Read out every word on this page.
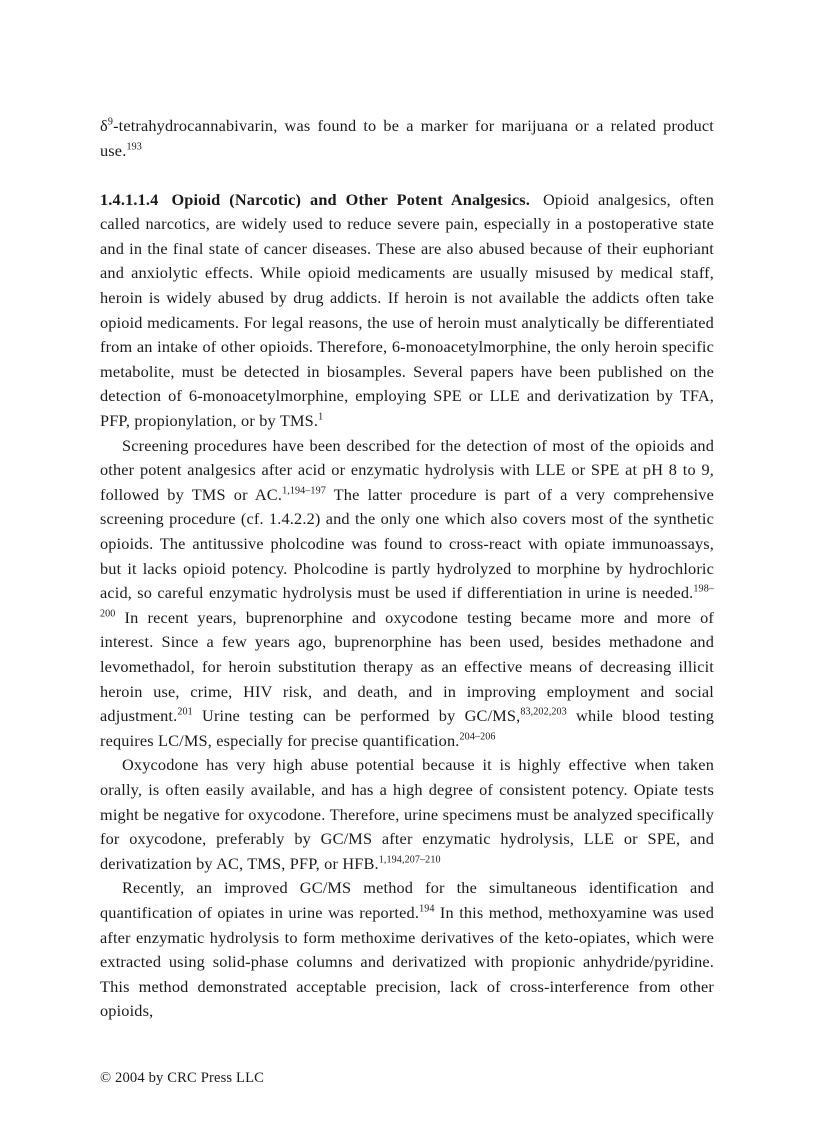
$\delta^9$-tetrahydrocannabivarin, was found to be a marker for marijuana or a related product use.$^{193}$

1.4.1.1.4 Opioid (Narcotic) and Other Potent Analgesics. Opioid analgesics, often called narcotics, are widely used to reduce severe pain, especially in a postoperative state and in the final state of cancer diseases. These are also abused because of their euphoriant and anxiolytic effects. While opioid medicaments are usually misused by medical staff, heroin is widely abused by drug addicts. If heroin is not available the addicts often take opioid medicaments. For legal reasons, the use of heroin must analytically be differentiated from an intake of other opioids. Therefore, 6-monoacetylmorphine, the only heroin specific metabolite, must be detected in biosamples. Several papers have been published on the detection of 6-monoacetylmorphine, employing SPE or LLE and derivatization by TFA, PFP, propionylation, or by TMS.$^1$

Screening procedures have been described for the detection of most of the opioids and other potent analgesics after acid or enzymatic hydrolysis with LLE or SPE at pH 8 to 9, followed by TMS or AC.$^{1,194-197}$ The latter procedure is part of a very comprehensive screening procedure (cf. 1.4.2.2) and the only one which also covers most of the synthetic opioids. The antitussive pholcodine was found to cross-react with opiate immunoassays, but it lacks opioid potency. Pholcodine is partly hydrolyzed to morphine by hydrochloric acid, so careful enzymatic hydrolysis must be used if differentiation in urine is needed.$^{198-200}$ In recent years, buprenorphine and oxycodone testing became more and more of interest. Since a few years ago, buprenorphine has been used, besides methadone and levomethadol, for heroin substitution therapy as an effective means of decreasing illicit heroin use, crime, HIV risk, and death, and in improving employment and social adjustment.$^{201}$ Urine testing can be performed by GC/MS,$^{83,202,203}$ while blood testing requires LC/MS, especially for precise quantification.$^{204-206}$

Oxycodone has very high abuse potential because it is highly effective when taken orally, is often easily available, and has a high degree of consistent potency. Opiate tests might be negative for oxycodone. Therefore, urine specimens must be analyzed specifically for oxycodone, preferably by GC/MS after enzymatic hydrolysis, LLE or SPE, and derivatization by AC, TMS, PFP, or HFB.$^{1,194,207-210}$

Recently, an improved GC/MS method for the simultaneous identification and quantification of opiates in urine was reported.$^{194}$ In this method, methoxyamine was used after enzymatic hydrolysis to form methoxime derivatives of the keto-opiates, which were extracted using solid-phase columns and derivatized with propionic anhydride/pyridine. This method demonstrated acceptable precision, lack of cross-interference from other opioids,

© 2004 by CRC Press LLC
